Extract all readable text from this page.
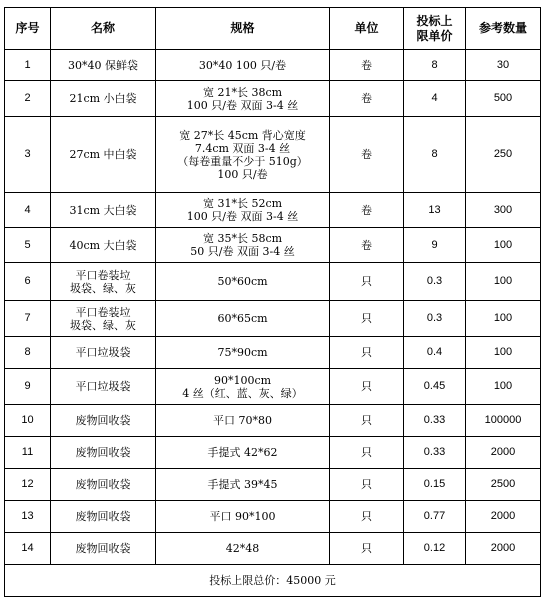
序号	名称	规格	单位	投标上
限单价	参考数量
1	30*40 保鲜袋	30*40 100 只/卷	卷	8	30
2	21cm 小白袋	宽 21*长 38cm
100 只/卷 双面 3-4 丝	卷	4	500
3	27cm 中白袋	宽 27*长 45cm 背心宽度
7.4cm 双面 3-4 丝
（每卷重量不少于 510g）
100 只/卷	卷	8	250
4	31cm 大白袋	宽 31*长 52cm
100 只/卷 双面 3-4 丝	卷	13	300
5	40cm 大白袋	宽 35*长 58cm
50 只/卷 双面 3-4 丝	卷	9	100
6	平口卷装垃
圾袋、绿、灰	50*60cm	只	0.3	100
7	平口卷装垃
圾袋、绿、灰	60*65cm	只	0.3	100
8	平口垃圾袋	75*90cm	只	0.4	100
9	平口垃圾袋	90*100cm
4 丝（红、蓝、灰、绿）	只	0.45	100
10	废物回收袋	平口 70*80	只	0.33	100000
11	废物回收袋	手提式 42*62	只	0.33	2000
12	废物回收袋	手提式 39*45	只	0.15	2500
13	废物回收袋	平口 90*100	只	0.77	2000
14	废物回收袋	42*48	只	0.12	2000
投标上限总价：45000 元					
